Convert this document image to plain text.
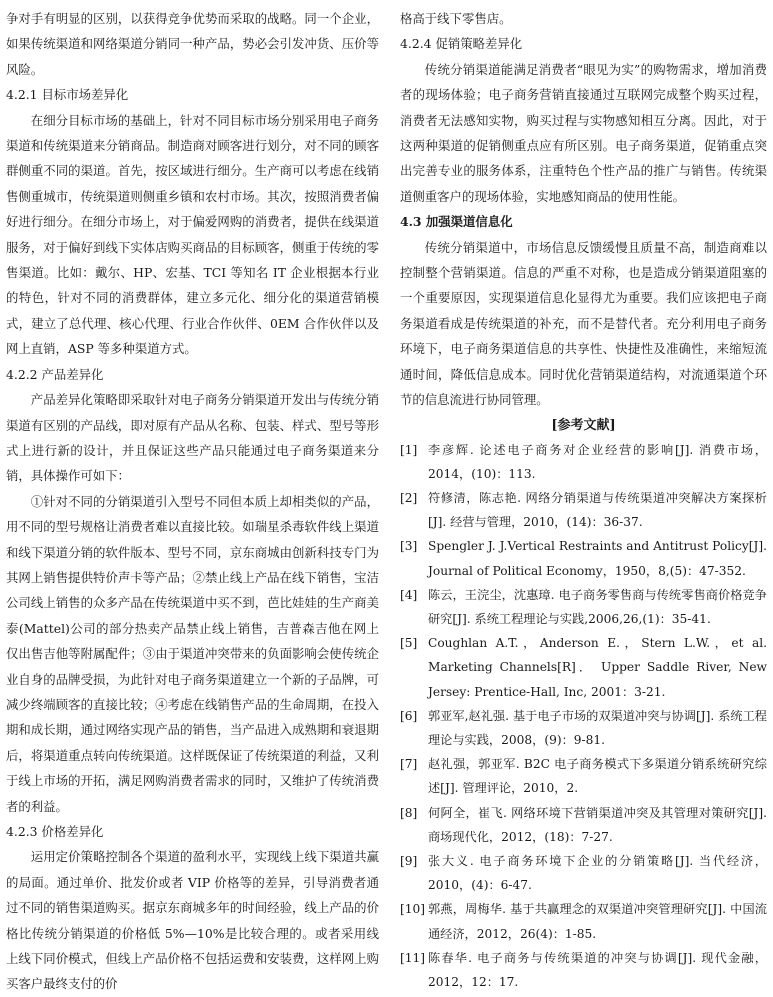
争对手有明显的区别，以获得竞争优势而采取的战略。同一个企业，如果传统渠道和网络渠道分销同一种产品，势必会引发冲货、压价等风险。

4.2.1 目标市场差异化

在细分目标市场的基础上，针对不同目标市场分别采用电子商务渠道和传统渠道来分销商品。制造商对顾客进行划分，对不同的顾客群侧重不同的渠道。首先，按区域进行细分。生产商可以考虑在线销售侧重城市，传统渠道则侧重乡镇和农村市场。其次，按照消费者偏好进行细分。在细分市场上，对于偏爱网购的消费者，提供在线渠道服务，对于偏好到线下实体店购买商品的目标顾客，侧重于传统的零售渠道。比如：戴尔、HP、宏基、TCI 等知名 IT 企业根据本行业的特色，针对不同的消费群体，建立多元化、细分化的渠道营销模式，建立了总代理、核心代理、行业合作伙伴、0EM 合作伙伴以及网上直销，ASP 等多种渠道方式。

4.2.2 产品差异化

产品差异化策略即采取针对电子商务分销渠道开发出与传统分销渠道有区别的产品线，即对原有产品从名称、包装、样式、型号等形式上进行新的设计，并且保证这些产品只能通过电子商务渠道来分销，具体操作可如下：

①针对不同的分销渠道引入型号不同但本质上却相类似的产品，用不同的型号规格让消费者难以直接比较。如瑞星杀毒软件线上渠道和线下渠道分销的软件版本、型号不同，京东商城由创新科技专门为其网上销售提供特价声卡等产品；②禁止线上产品在线下销售，宝洁公司线上销售的众多产品在传统渠道中买不到，芭比娃娃的生产商美泰(Mattel)公司的部分热卖产品禁止线上销售，吉普森吉他在网上仅出售吉他等附属配件；③由于渠道冲突带来的负面影响会使传统企业自身的品牌受损，为此针对电子商务渠道建立一个新的子品牌，可减少终端顾客的直接比较；④考虑在线销售产品的生命周期，在投入期和成长期，通过网络实现产品的销售，当产品进入成熟期和衰退期后，将渠道重点转向传统渠道。这样既保证了传统渠道的利益，又利于线上市场的开拓，满足网购消费者需求的同时，又维护了传统消费者的利益。

4.2.3 价格差异化

运用定价策略控制各个渠道的盈利水平，实现线上线下渠道共赢的局面。通过单价、批发价或者 VIP 价格等的差异，引导消费者通过不同的销售渠道购买。据京东商城多年的时间经验，线上产品的价格比传统分销渠道的价格低 5%—10%是比较合理的。或者采用线上线下同价模式，但线上产品价格不包括运费和安装费，这样网上购买客户最终支付的价

格高于线下零售店。

4.2.4 促销策略差异化

传统分销渠道能满足消费者“眼见为实”的购物需求，增加消费者的现场体验；电子商务营销直接通过互联网完成整个购买过程，消费者无法感知实物，购买过程与实物感知相互分离。因此，对于这两种渠道的促销侧重点应有所区别。电子商务渠道，促销重点突出完善专业的服务体系，注重特色个性产品的推广与销售。传统渠道侧重客户的现场体验，实地感知商品的使用性能。

4.3 加强渠道信息化

传统分销渠道中，市场信息反馈缓慢且质量不高，制造商难以控制整个营销渠道。信息的严重不对称，也是造成分销渠道阻塞的一个重要原因，实现渠道信息化显得尤为重要。我们应该把电子商务渠道看成是传统渠道的补充，而不是替代者。充分利用电子商务环境下，电子商务渠道信息的共享性、快捷性及准确性，来缩短流通时间，降低信息成本。同时优化营销渠道结构，对流通渠道个环节的信息流进行协同管理。

[参考文献]
[1] 李彦辉. 论述电子商务对企业经营的影响[J]. 消费市场，2014，(10)：113.
[2] 符修清，陈志艳. 网络分销渠道与传统渠道冲突解决方案探析[J]. 经营与管理，2010，(14)：36-37.
[3] Spengler J. J.Vertical Restraints and Antitrust Policy[J]. Journal of Political Economy，1950，8,(5)：47-352.
[4] 陈云，王浣尘，沈惠璋. 电子商务零售商与传统零售商价格竞争研究[J]. 系统工程理论与实践,2006,26,(1)：35-41.
[5] Coughlan A.T.，Anderson E.，Stern L.W.，et al. Marketing Channels[R]． Upper Saddle River, New Jersey: Prentice-Hall, Inc, 2001：3-21.
[6] 郭亚军,赵礼强. 基于电子市场的双渠道冲突与协调[J]. 系统工程理论与实践，2008，(9)：9-81.
[7] 赵礼强，郭亚军. B2C 电子商务模式下多渠道分销系统研究综述[J]. 管理评论，2010，2.
[8] 何阿全，崔飞. 网络环境下营销渠道冲突及其管理对策研究[J]. 商场现代化，2012，(18)：7-27.
[9] 张大义. 电子商务环境下企业的分销策略[J]. 当代经济，2010，(4)：6-47.
[10] 郭燕，周梅华. 基于共赢理念的双渠道冲突管理研究[J]. 中国流通经济，2012，26(4)：1-85.
[11] 陈春华. 电子商务与传统渠道的冲突与协调[J]. 现代金融，2012，12：17.
